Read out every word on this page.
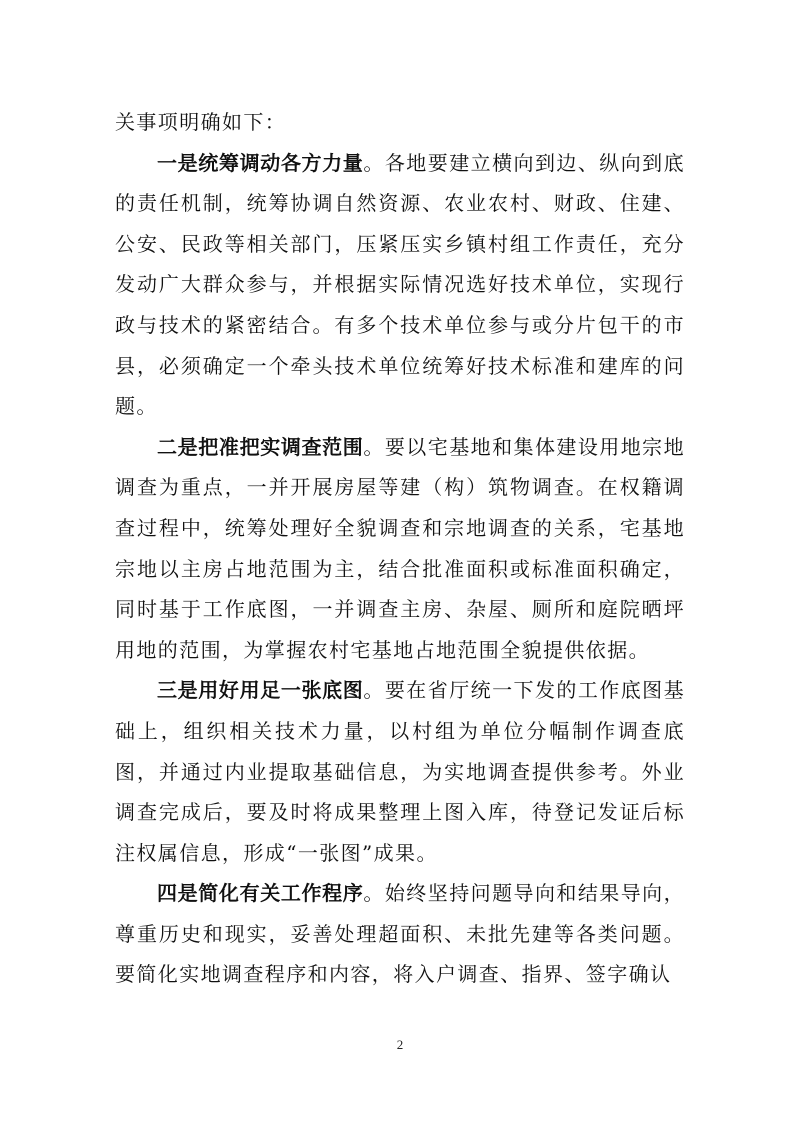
关事项明确如下：

一是统筹调动各方力量。各地要建立横向到边、纵向到底的责任机制，统筹协调自然资源、农业农村、财政、住建、公安、民政等相关部门，压紧压实乡镇村组工作责任，充分发动广大群众参与，并根据实际情况选好技术单位，实现行政与技术的紧密结合。有多个技术单位参与或分片包干的市县，必须确定一个牵头技术单位统筹好技术标准和建库的问题。

二是把准把实调查范围。要以宅基地和集体建设用地宗地调查为重点，一并开展房屋等建（构）筑物调查。在权籍调查过程中，统筹处理好全貌调查和宗地调查的关系，宅基地宗地以主房占地范围为主，结合批准面积或标准面积确定，同时基于工作底图，一并调查主房、杂屋、厕所和庭院晒坪用地的范围，为掌握农村宅基地占地范围全貌提供依据。

三是用好用足一张底图。要在省厅统一下发的工作底图基础上，组织相关技术力量，以村组为单位分幅制作调查底图，并通过内业提取基础信息，为实地调查提供参考。外业调查完成后，要及时将成果整理上图入库，待登记发证后标注权属信息，形成“一张图”成果。

四是简化有关工作程序。始终坚持问题导向和结果导向，尊重历史和现实，妥善处理超面积、未批先建等各类问题。要简化实地调查程序和内容，将入户调查、指界、签字确认

2
